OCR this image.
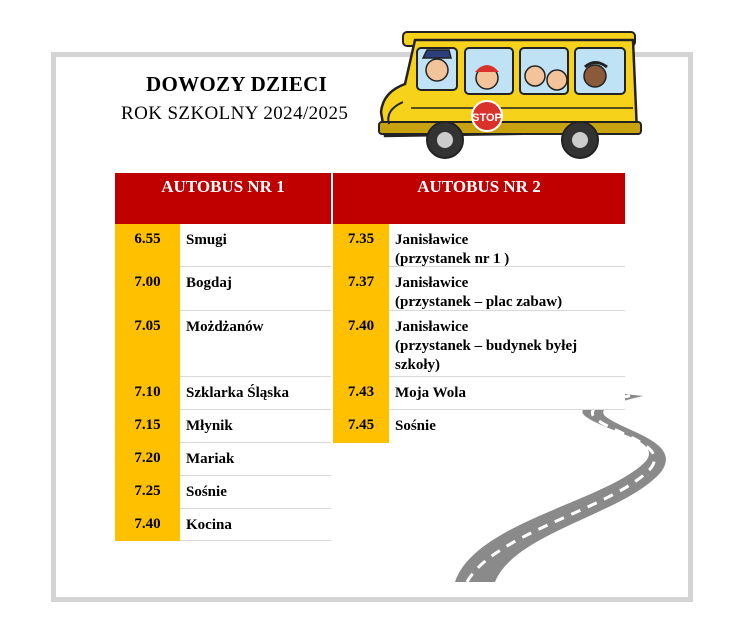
DOWOZY DZIECI
ROK SZKOLNY 2024/2025	STOP
AUTOBUS NR 1	AUTOBUS NR 2
6.55	Smugi
7.00	Bogdaj
7.05	Możdżanów
7.10	Szklarka Śląska
7.15	Młynik
7.20	Mariak
7.25	Sośnie
7.40	Kocina
7.35	Janisławice
(przystanek nr 1 )
7.37	Janisławice
(przystanek – plac zabaw)
7.40	Janisławice
(przystanek – budynek byłej
szkoły)
7.43	Moja Wola
7.45	Sośnie
